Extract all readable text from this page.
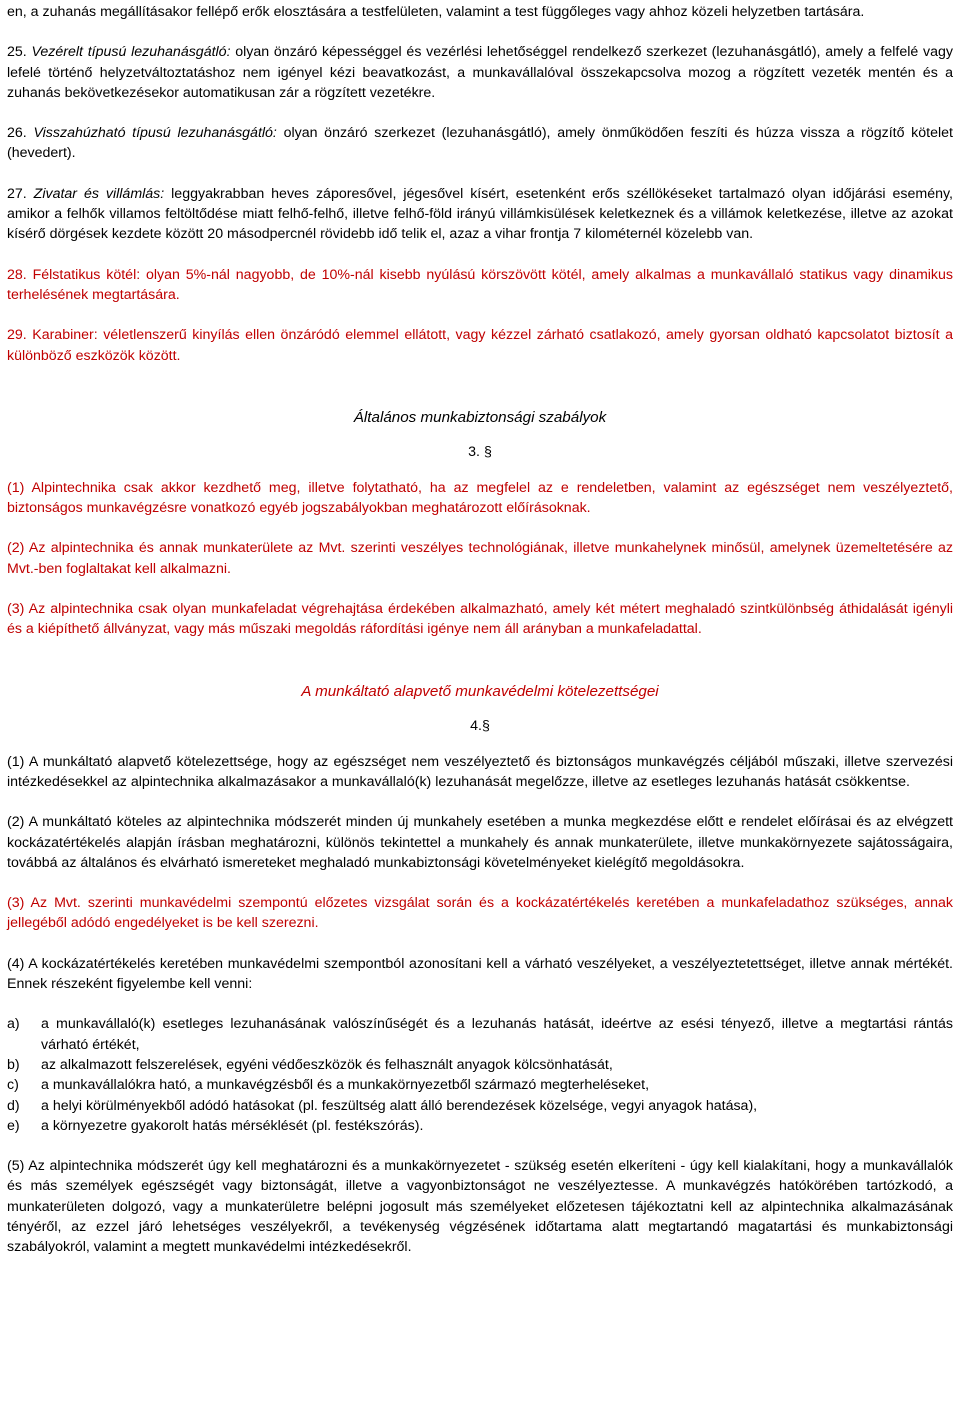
en, a zuhanás megállításakor fellépő erők elosztására a testfelületen, valamint a test függőleges vagy ahhoz közeli helyzetben tartására.

25. Vezérelt típusú lezuhanásgátló: olyan önzáró képességgel és vezérlési lehetőséggel rendelkező szerkezet (lezuhanásgátló), amely a felfelé vagy lefelé történő helyzetváltoztatáshoz nem igényel kézi beavatkozást, a munkavállalóval összekapcsolva mozog a rögzített vezeték mentén és a zuhanás bekövetkezésekor automatikusan zár a rögzített vezetékre.

26. Visszahúzható típusú lezuhanásgátló: olyan önzáró szerkezet (lezuhanásgátló), amely önműködően feszíti és húzza vissza a rögzítő kötelet (hevedert).

27. Zivatar és villámlás: leggyakrabban heves záporesővel, jégesővel kísért, esetenként erős széllökéseket tartalmazó olyan időjárási esemény, amikor a felhők villamos feltöltődése miatt felhő-felhő, illetve felhő-föld irányú villámkisülések keletkeznek és a villámok keletkezése, illetve az azokat kísérő dörgések kezdete között 20 másodpercnél rövidebb idő telik el, azaz a vihar frontja 7 kilométernél közelebb van.

28. Félstatikus kötél: olyan 5%-nál nagyobb, de 10%-nál kisebb nyúlású körszövött kötél, amely alkalmas a munkavállaló statikus vagy dinamikus terhelésének megtartására.

29. Karabiner: véletlenszerű kinyílás ellen önzáródó elemmel ellátott, vagy kézzel zárható csatlakozó, amely gyorsan oldható kapcsolatot biztosít a különböző eszközök között.

Általános munkabiztonsági szabályok

3. §

(1) Alpintechnika csak akkor kezdhető meg, illetve folytatható, ha az megfelel az e rendeletben, valamint az egészséget nem veszélyeztető, biztonságos munkavégzésre vonatkozó egyéb jogszabályokban meghatározott előírásoknak.

(2) Az alpintechnika és annak munkaterülete az Mvt. szerinti veszélyes technológiának, illetve munkahelynek minősül, amelynek üzemeltetésére az Mvt.-ben foglaltakat kell alkalmazni.

(3) Az alpintechnika csak olyan munkafeladat végrehajtása érdekében alkalmazható, amely két métert meghaladó szintkülönbség áthidalását igényli és a kiépíthető állványzat, vagy más műszaki megoldás ráfordítási igénye nem áll arányban a munkafeladattal.

A munkáltató alapvető munkavédelmi kötelezettségei

4.§

(1) A munkáltató alapvető kötelezettsége, hogy az egészséget nem veszélyeztető és biztonságos munkavégzés céljából műszaki, illetve szervezési intézkedésekkel az alpintechnika alkalmazásakor a munkavállaló(k) lezuhanását megelőzze, illetve az esetleges lezuhanás hatását csökkentse.

(2) A munkáltató köteles az alpintechnika módszerét minden új munkahely esetében a munka megkezdése előtt e rendelet előírásai és az elvégzett kockázatértékelés alapján írásban meghatározni, különös tekintettel a munkahely és annak munkaterülete, illetve munkakörnyezete sajátosságaira, továbbá az általános és elvárható ismereteket meghaladó munkabiztonsági követelményeket kielégítő megoldásokra.

(3) Az Mvt. szerinti munkavédelmi szempontú előzetes vizsgálat során és a kockázatértékelés keretében a munkafeladathoz szükséges, annak jellegéből adódó engedélyeket is be kell szerezni.

(4) A kockázatértékelés keretében munkavédelmi szempontból azonosítani kell a várható veszélyeket, a veszélyeztetettséget, illetve annak mértékét. Ennek részeként figyelembe kell venni:

a)	a munkavállaló(k) esetleges lezuhanásának valószínűségét és a lezuhanás hatását, ideértve az esési tényező, illetve a megtartási rántás várható értékét,
b)	az alkalmazott felszerelések, egyéni védőeszközök és felhasznált anyagok kölcsönhatását,
c)	a munkavállalókra ható, a munkavégzésből és a munkakörnyezetből származó megterheléseket,
d)	a helyi körülményekből adódó hatásokat (pl. feszültség alatt álló berendezések közelsége, vegyi anyagok hatása),
e)	a környezetre gyakorolt hatás mérséklését (pl. festékszórás).

(5) Az alpintechnika módszerét úgy kell meghatározni és a munkakörnyezetet - szükség esetén elkeríteni - úgy kell kialakítani, hogy a munkavállalók és más személyek egészségét vagy biztonságát, illetve a vagyonbiztonságot ne veszélyeztesse. A munkavégzés hatókörében tartózkodó, a munkaterületen dolgozó, vagy a munkaterületre belépni jogosult más személyeket előzetesen tájékoztatni kell az alpintechnika alkalmazásának tényéről, az ezzel járó lehetséges veszélyekről, a tevékenység végzésének időtartama alatt megtartandó magatartási és munkabiztonsági szabályokról, valamint a megtett munkavédelmi intézkedésekről.
